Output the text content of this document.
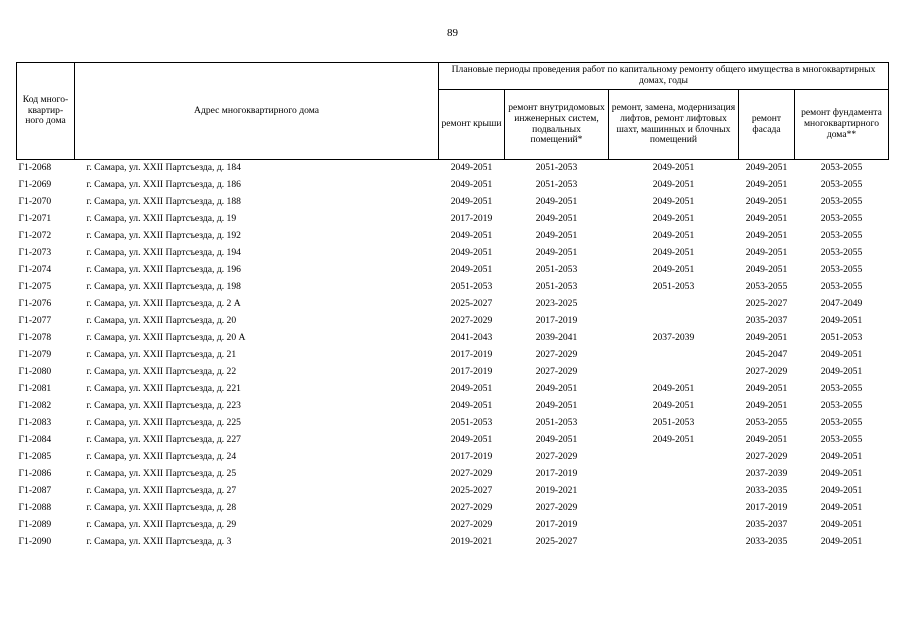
89
Код много-квартир-ного дома	Адрес многоквартирного дома	Плановые периоды проведения работ по капитальному ремонту общего имущества в многоквартирных домах, годы				
		ремонт крыши	ремонт внутридомовых инженерных систем, подвальных помещений*	ремонт, замена, модернизация лифтов, ремонт лифтовых шахт, машинных и блочных помещений	ремонт фасада	ремонт фундамента многоквартирного дома**
Г1-2068	г. Самара, ул. XXII Партсъезда, д. 184	2049-2051	2051-2053	2049-2051	2049-2051	2053-2055
Г1-2069	г. Самара, ул. XXII Партсъезда, д. 186	2049-2051	2051-2053	2049-2051	2049-2051	2053-2055
Г1-2070	г. Самара, ул. XXII Партсъезда, д. 188	2049-2051	2049-2051	2049-2051	2049-2051	2053-2055
Г1-2071	г. Самара, ул. XXII Партсъезда, д. 19	2017-2019	2049-2051	2049-2051	2049-2051	2053-2055
Г1-2072	г. Самара, ул. XXII Партсъезда, д. 192	2049-2051	2049-2051	2049-2051	2049-2051	2053-2055
Г1-2073	г. Самара, ул. XXII Партсъезда, д. 194	2049-2051	2049-2051	2049-2051	2049-2051	2053-2055
Г1-2074	г. Самара, ул. XXII Партсъезда, д. 196	2049-2051	2051-2053	2049-2051	2049-2051	2053-2055
Г1-2075	г. Самара, ул. XXII Партсъезда, д. 198	2051-2053	2051-2053	2051-2053	2053-2055	2053-2055
Г1-2076	г. Самара, ул. XXII Партсъезда, д. 2 А	2025-2027	2023-2025		2025-2027	2047-2049
Г1-2077	г. Самара, ул. XXII Партсъезда, д. 20	2027-2029	2017-2019		2035-2037	2049-2051
Г1-2078	г. Самара, ул. XXII Партсъезда, д. 20 А	2041-2043	2039-2041	2037-2039	2049-2051	2051-2053
Г1-2079	г. Самара, ул. XXII Партсъезда, д. 21	2017-2019	2027-2029		2045-2047	2049-2051
Г1-2080	г. Самара, ул. XXII Партсъезда, д. 22	2017-2019	2027-2029		2027-2029	2049-2051
Г1-2081	г. Самара, ул. XXII Партсъезда, д. 221	2049-2051	2049-2051	2049-2051	2049-2051	2053-2055
Г1-2082	г. Самара, ул. XXII Партсъезда, д. 223	2049-2051	2049-2051	2049-2051	2049-2051	2053-2055
Г1-2083	г. Самара, ул. XXII Партсъезда, д. 225	2051-2053	2051-2053	2051-2053	2053-2055	2053-2055
Г1-2084	г. Самара, ул. XXII Партсъезда, д. 227	2049-2051	2049-2051	2049-2051	2049-2051	2053-2055
Г1-2085	г. Самара, ул. XXII Партсъезда, д. 24	2017-2019	2027-2029		2027-2029	2049-2051
Г1-2086	г. Самара, ул. XXII Партсъезда, д. 25	2027-2029	2017-2019		2037-2039	2049-2051
Г1-2087	г. Самара, ул. XXII Партсъезда, д. 27	2025-2027	2019-2021		2033-2035	2049-2051
Г1-2088	г. Самара, ул. XXII Партсъезда, д. 28	2027-2029	2027-2029		2017-2019	2049-2051
Г1-2089	г. Самара, ул. XXII Партсъезда, д. 29	2027-2029	2017-2019		2035-2037	2049-2051
Г1-2090	г. Самара, ул. XXII Партсъезда, д. 3	2019-2021	2025-2027		2033-2035	2049-2051
